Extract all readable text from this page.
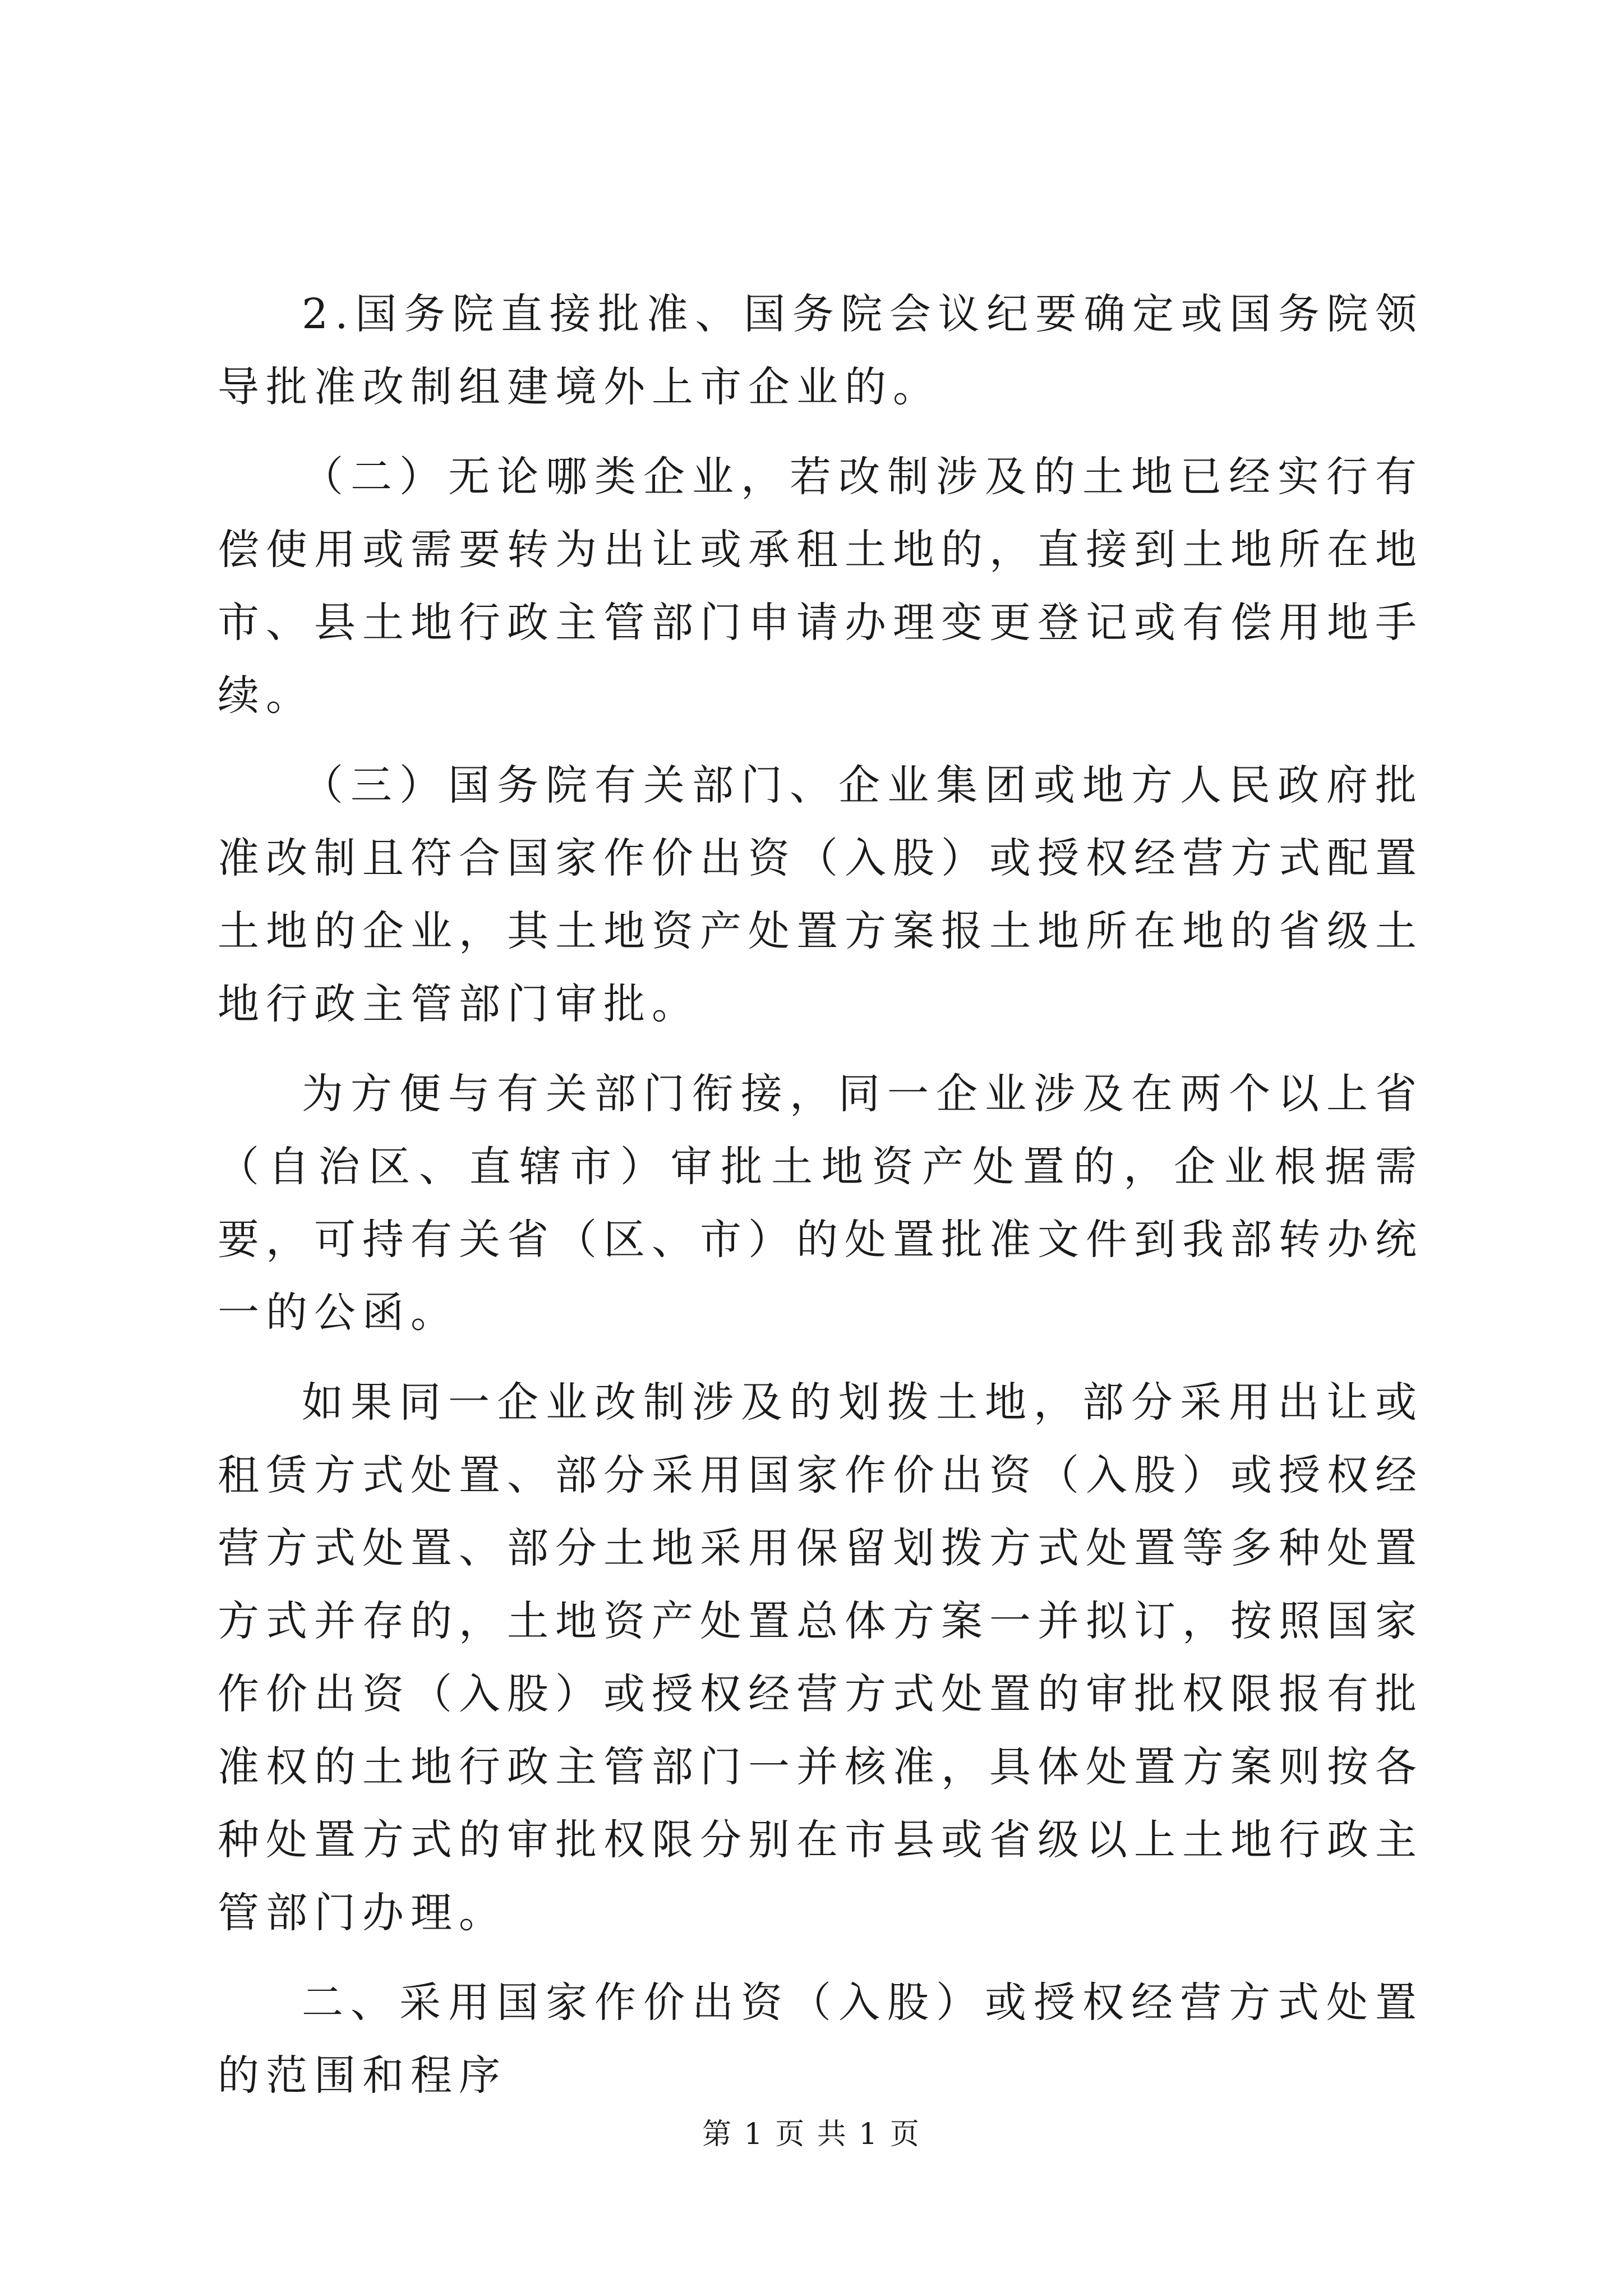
2.国务院直接批准、国务院会议纪要确定或国务院领导批准改制组建境外上市企业的。

（二）无论哪类企业，若改制涉及的土地已经实行有偿使用或需要转为出让或承租土地的，直接到土地所在地市、县土地行政主管部门申请办理变更登记或有偿用地手续。

（三）国务院有关部门、企业集团或地方人民政府批准改制且符合国家作价出资（入股）或授权经营方式配置土地的企业，其土地资产处置方案报土地所在地的省级土地行政主管部门审批。

为方便与有关部门衔接，同一企业涉及在两个以上省（自治区、直辖市）审批土地资产处置的，企业根据需要，可持有关省（区、市）的处置批准文件到我部转办统一的公函。

如果同一企业改制涉及的划拨土地，部分采用出让或租赁方式处置、部分采用国家作价出资（入股）或授权经营方式处置、部分土地采用保留划拨方式处置等多种处置方式并存的，土地资产处置总体方案一并拟订，按照国家作价出资（入股）或授权经营方式处置的审批权限报有批准权的土地行政主管部门一并核准，具体处置方案则按各种处置方式的审批权限分别在市县或省级以上土地行政主管部门办理。

二、采用国家作价出资（入股）或授权经营方式处置的范围和程序

第 1 页 共 1 页
